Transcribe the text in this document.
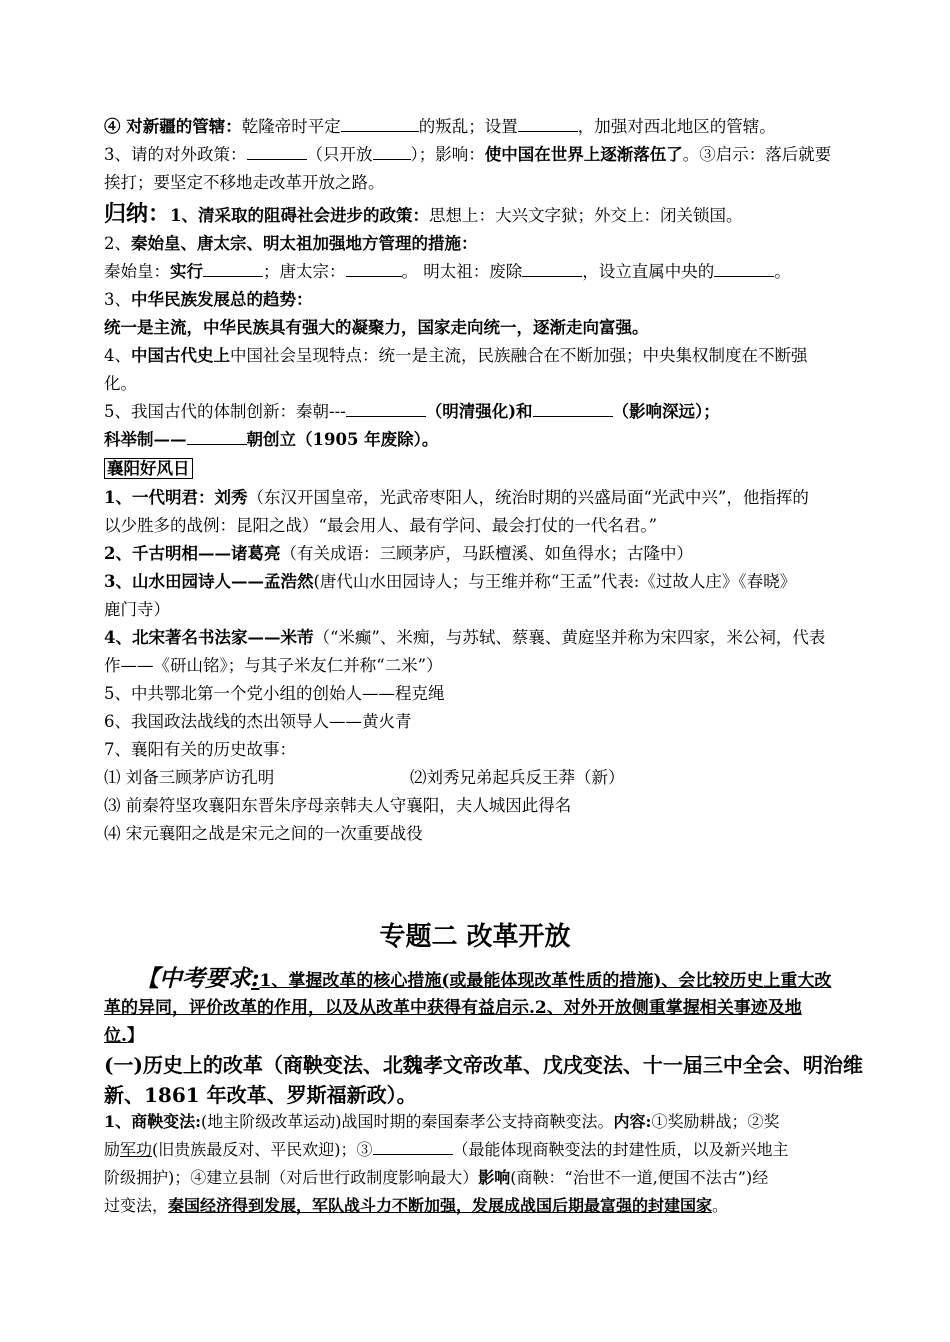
④ 对新疆的管辖：乾隆帝时平定	的叛乱；设置	，加强对西北地区的管辖。
3、请的对外政策：	（只开放 ）；影响：使中国在世界上逐渐落伍了。③启示：落后就要
挨打；要坚定不移地走改革开放之路。
归纳：1、清采取的阻碍社会进步的政策：思想上：大兴文字狱；外交上：闭关锁国。
2、秦始皇、唐太宗、明太祖加强地方管理的措施：
秦始皇：实行	；唐太宗：	。 明太祖：废除	，设立直属中央的	。
3、中华民族发展总的趋势：
统一是主流，中华民族具有强大的凝聚力，国家走向统一，逐渐走向富强。
4、中国古代史上中国社会呈现特点：统一是主流，民族融合在不断加强；中央集权制度在不断强
化。
5、我国古代的体制创新：秦朝---	（明清强化)和	（影响深远）；
科举制——	朝创立（1905 年废除）。
襄阳好风日
1、一代明君：刘秀（东汉开国皇帝，光武帝枣阳人，统治时期的兴盛局面“光武中兴”，他指挥的
以少胜多的战例：昆阳之战）“最会用人、最有学问、最会打仗的一代名君。”
2、千古明相——诸葛亮（有关成语：三顾茅庐，马跃檀溪、如鱼得水；古隆中）
3、山水田园诗人——孟浩然(唐代山水田园诗人；与王维并称“王孟”代表:《过故人庄》《春晓》
鹿门寺）
4、北宋著名书法家——米芾（“米癫”、米痴，与苏轼、蔡襄、黄庭坚并称为宋四家，米公祠，代表
作——《研山铭》；与其子米友仁并称“二米”）
5、中共鄂北第一个党小组的创始人——程克绳
6、我国政法战线的杰出领导人——黄火青
7、襄阳有关的历史故事：
⑴ 刘备三顾茅庐访孔明	⑵刘秀兄弟起兵反王莽（新）
⑶ 前秦符坚攻襄阳东晋朱序母亲韩夫人守襄阳，夫人城因此得名
⑷ 宋元襄阳之战是宋元之间的一次重要战役
专题二 改革开放
【中考要求:1、掌握改革的核心措施(或最能体现改革性质的措施)、会比较历史上重大改
革的异同，评价改革的作用，以及从改革中获得有益启示.2、对外开放侧重掌握相关事迹及地
位.】
(一)历史上的改革（商鞅变法、北魏孝文帝改革、戊戌变法、十一届三中全会、明治维
新、1861 年改革、罗斯福新政）。
1、商鞅变法:(地主阶级改革运动)战国时期的秦国秦孝公支持商鞅变法。内容:①奖励耕战；②奖
励军功(旧贵族最反对、平民欢迎)；③	（最能体现商鞅变法的封建性质，以及新兴地主
阶级拥护)；④建立县制（对后世行政制度影响最大）影响(商鞅：“治世不一道,便国不法古”)经
过变法，秦国经济得到发展，军队战斗力不断加强，发展成战国后期最富强的封建国家。
